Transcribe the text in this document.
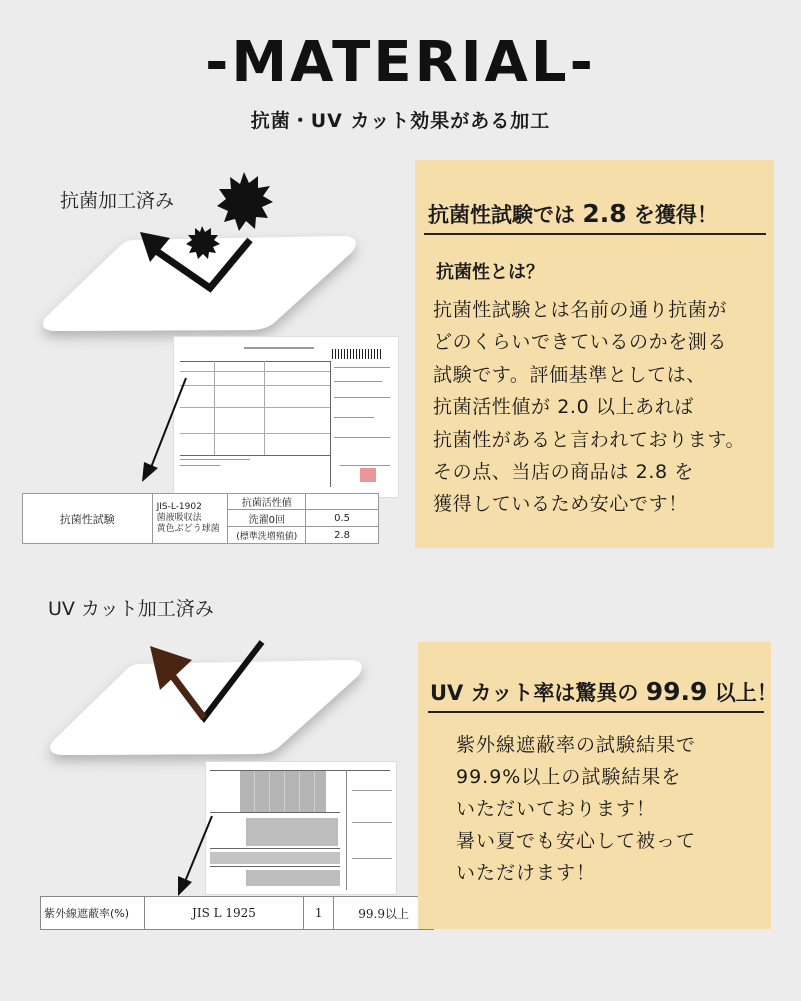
-MATERIAL-
抗菌・UV カット効果がある加工
抗菌加工済み
抗菌性試験	JIS-L-1902
菌液吸収法
黄色ぶどう球菌	抗菌活性値	
		洗濯0回	0.5
		(標準洗増殖値)	2.8
抗菌性試験では 2.8 を獲得！
抗菌性とは？
抗菌性試験とは名前の通り抗菌が
どのくらいできているのかを測る
試験です。評価基準としては、
抗菌活性値が 2.0 以上あれば
抗菌性があると言われております。
その点、当店の商品は 2.8 を
獲得しているため安心です！
UV カット加工済み
紫外線遮蔽率(%)	JIS L 1925	1	99.9以上
UV カット率は驚異の 99.9 以上！
紫外線遮蔽率の試験結果で
99.9%以上の試験結果を
いただいております！
暑い夏でも安心して被って
いただけます！
